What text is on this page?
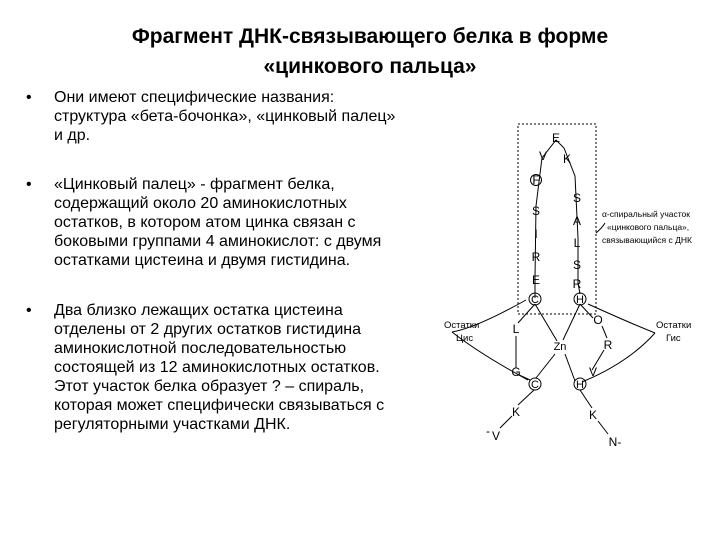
Фрагмент ДНК-связывающего белка в форме
«цинкового пальца»
• Они имеют специфические названия:
структура «бета-бочонка», «цинковый палец»
и др.
• «Цинковый палец» - фрагмент белка,
содержащий около 20 аминокислотных
остатков, в котором атом цинка связан с
боковыми группами 4 аминокислот: с двумя
остатками цистеина и двумя гистидина.
• Два близко лежащих остатка цистеина
отделены от 2 других остатков гистидина
аминокислотной последовательностью
состоящей из 12 аминокислотных остатков.
Этот участок белка образует ? – спираль,
которая может специфически связываться с
регуляторными участками ДНК.
F
S
I
R
E
V
E
K
S
A
L
S
R
C	H
Zn
C	H
L
G
O
R
V
K
V
-
K
N-
Остатки
Цис
Остатки
Гис
α-спиральный участок
«цинкового пальца»,
связывающийся с ДНК
